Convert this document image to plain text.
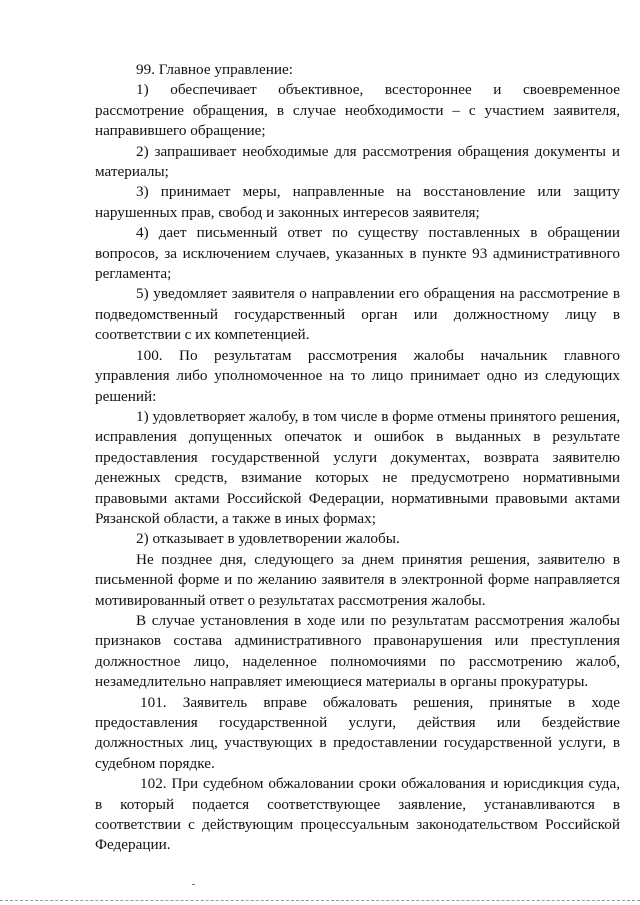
99. Главное управление:

1) обеспечивает объективное, всестороннее и своевременное рассмотрение обращения, в случае необходимости – с участием заявителя, направившего обращение;

2) запрашивает необходимые для рассмотрения обращения документы и материалы;

3) принимает меры, направленные на восстановление или защиту нарушенных прав, свобод и законных интересов заявителя;

4) дает письменный ответ по существу поставленных в обращении вопросов, за исключением случаев, указанных в пункте 93 административного регламента;

5) уведомляет заявителя о направлении его обращения на рассмотрение в подведомственный государственный орган или должностному лицу в соответствии с их компетенцией.

100. По результатам рассмотрения жалобы начальник главного управления либо уполномоченное на то лицо принимает одно из следующих решений:

1) удовлетворяет жалобу, в том числе в форме отмены принятого решения, исправления допущенных опечаток и ошибок в выданных в результате предоставления государственной услуги документах, возврата заявителю денежных средств, взимание которых не предусмотрено нормативными правовыми актами Российской Федерации, нормативными правовыми актами Рязанской области, а также в иных формах;

2) отказывает в удовлетворении жалобы.

Не позднее дня, следующего за днем принятия решения, заявителю в письменной форме и по желанию заявителя в электронной форме направляется мотивированный ответ о результатах рассмотрения жалобы.

В случае установления в ходе или по результатам рассмотрения жалобы признаков состава административного правонарушения или преступления должностное лицо, наделенное полномочиями по рассмотрению жалоб, незамедлительно направляет имеющиеся материалы в органы прокуратуры.

101. Заявитель вправе обжаловать решения, принятые в ходе предоставления государственной услуги, действия или бездействие должностных лиц, участвующих в предоставлении государственной услуги, в судебном порядке.

102. При судебном обжаловании сроки обжалования и юрисдикция суда, в который подается соответствующее заявление, устанавливаются в соответствии с действующим процессуальным законодательством Российской Федерации.
